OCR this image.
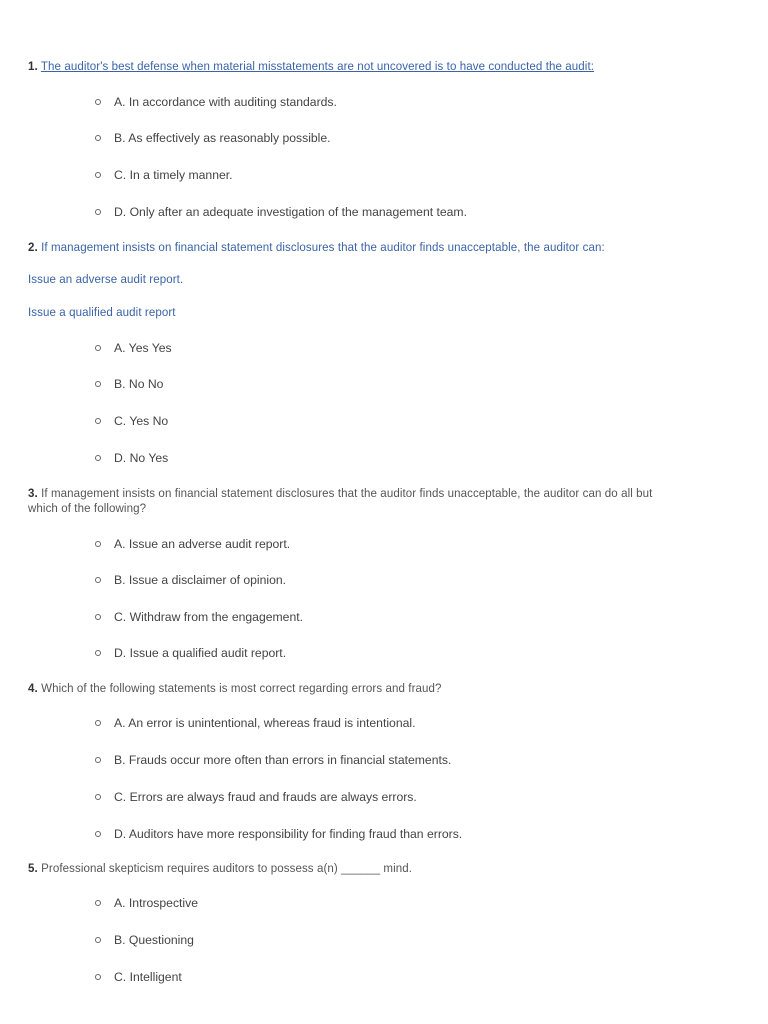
1. The auditor's best defense when material misstatements are not uncovered is to have conducted the audit:

A. In accordance with auditing standards.

B. As effectively as reasonably possible.

C. In a timely manner.

D. Only after an adequate investigation of the management team.

2. If management insists on financial statement disclosures that the auditor finds unacceptable, the auditor can:

Issue an adverse audit report.

Issue a qualified audit report

A. Yes Yes

B. No No

C. Yes No

D. No Yes

3. If management insists on financial statement disclosures that the auditor finds unacceptable, the auditor can do all but which of the following?

A. Issue an adverse audit report.

B. Issue a disclaimer of opinion.

C. Withdraw from the engagement.

D. Issue a qualified audit report.

4. Which of the following statements is most correct regarding errors and fraud?

A. An error is unintentional, whereas fraud is intentional.

B. Frauds occur more often than errors in financial statements.

C. Errors are always fraud and frauds are always errors.

D. Auditors have more responsibility for finding fraud than errors.

5. Professional skepticism requires auditors to possess a(n) ______ mind.

A. Introspective

B. Questioning

C. Intelligent
